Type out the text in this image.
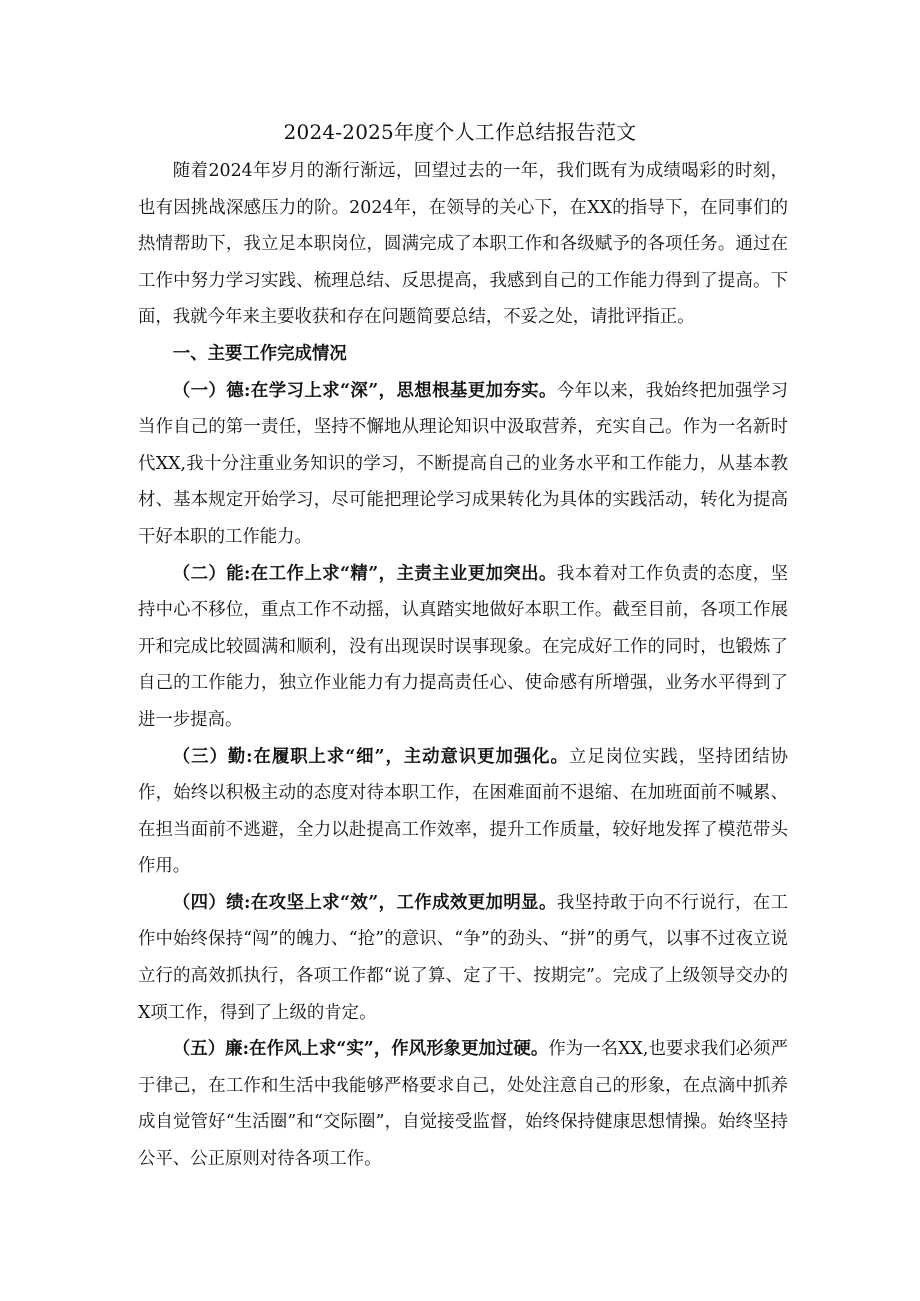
2024-2025年度个人工作总结报告范文

随着2024年岁月的渐行渐远，回望过去的一年，我们既有为成绩喝彩的时刻，也有因挑战深感压力的阶。2024年，在领导的关心下，在XX的指导下，在同事们的热情帮助下，我立足本职岗位，圆满完成了本职工作和各级赋予的各项任务。通过在工作中努力学习实践、梳理总结、反思提高，我感到自己的工作能力得到了提高。下面，我就今年来主要收获和存在问题简要总结，不妥之处，请批评指正。

一、主要工作完成情况

（一）德:在学习上求“深”，思想根基更加夯实。今年以来，我始终把加强学习当作自己的第一责任，坚持不懈地从理论知识中汲取营养，充实自己。作为一名新时代XX,我十分注重业务知识的学习，不断提高自己的业务水平和工作能力，从基本教材、基本规定开始学习，尽可能把理论学习成果转化为具体的实践活动，转化为提高干好本职的工作能力。

（二）能:在工作上求“精”，主责主业更加突出。我本着对工作负责的态度，坚持中心不移位，重点工作不动摇，认真踏实地做好本职工作。截至目前，各项工作展开和完成比较圆满和顺利，没有出现误时误事现象。在完成好工作的同时，也锻炼了自己的工作能力，独立作业能力有力提高责任心、使命感有所增强，业务水平得到了进一步提高。

（三）勤:在履职上求“细”，主动意识更加强化。立足岗位实践，坚持团结协作，始终以积极主动的态度对待本职工作，在困难面前不退缩、在加班面前不喊累、在担当面前不逃避，全力以赴提高工作效率，提升工作质量，较好地发挥了模范带头作用。

（四）绩:在攻坚上求“效”，工作成效更加明显。我坚持敢于向不行说行，在工作中始终保持“闯”的魄力、“抢”的意识、“争”的劲头、“拼”的勇气，以事不过夜立说立行的高效抓执行，各项工作都“说了算、定了干、按期完”。完成了上级领导交办的X项工作，得到了上级的肯定。

（五）廉:在作风上求“实”，作风形象更加过硬。作为一名XX,也要求我们必须严于律己，在工作和生活中我能够严格要求自己，处处注意自己的形象，在点滴中抓养成自觉管好“生活圈”和“交际圈”，自觉接受监督，始终保持健康思想情操。始终坚持公平、公正原则对待各项工作。
